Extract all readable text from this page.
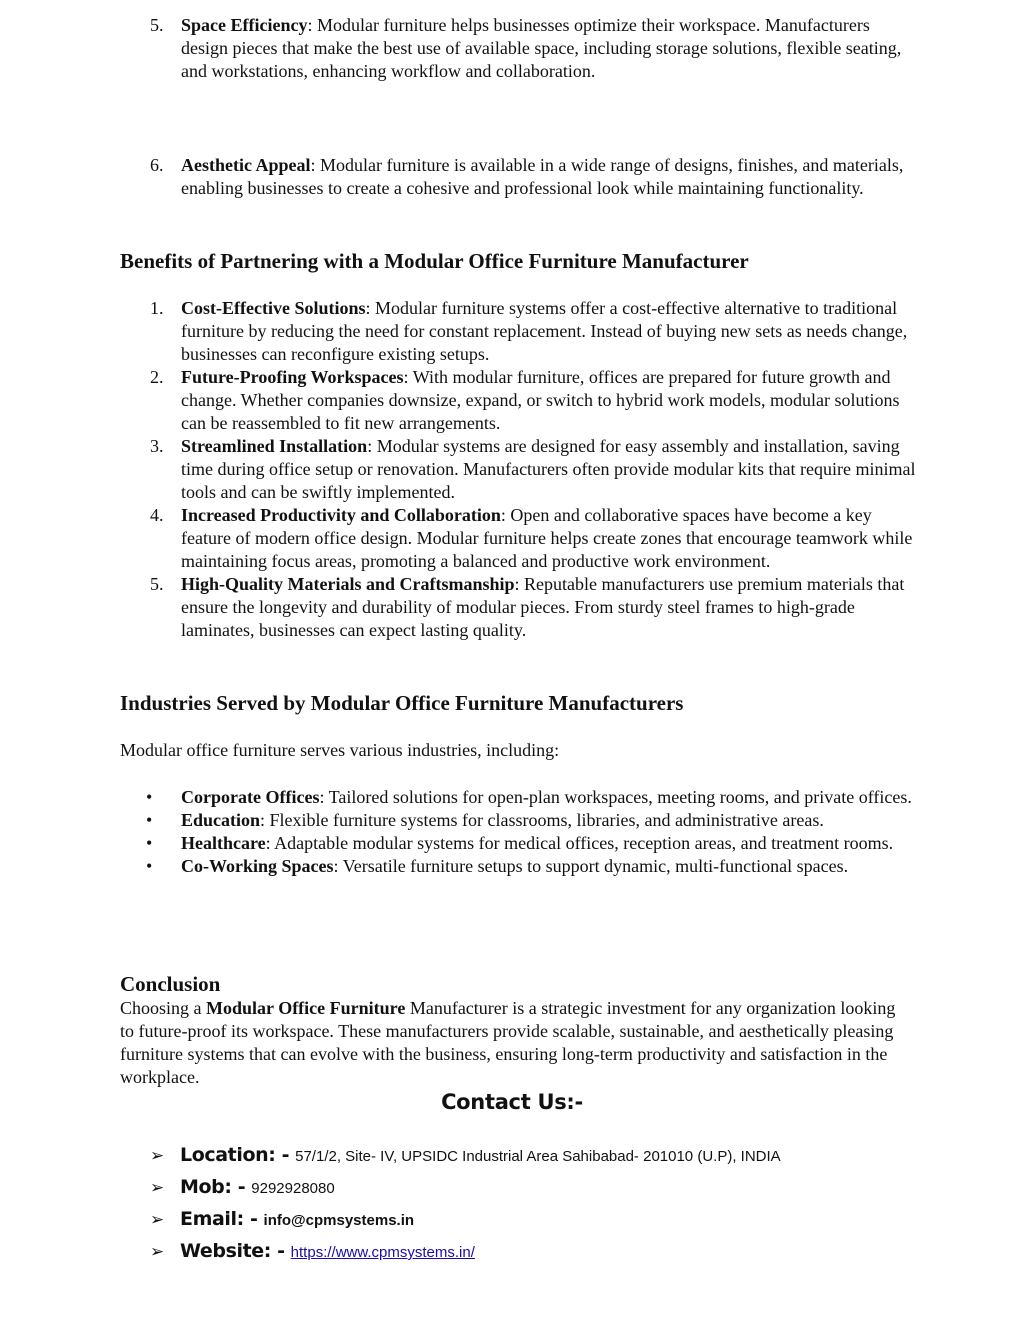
5. Space Efficiency: Modular furniture helps businesses optimize their workspace. Manufacturers design pieces that make the best use of available space, including storage solutions, flexible seating, and workstations, enhancing workflow and collaboration.
6. Aesthetic Appeal: Modular furniture is available in a wide range of designs, finishes, and materials, enabling businesses to create a cohesive and professional look while maintaining functionality.
Benefits of Partnering with a Modular Office Furniture Manufacturer
1. Cost-Effective Solutions: Modular furniture systems offer a cost-effective alternative to traditional furniture by reducing the need for constant replacement. Instead of buying new sets as needs change, businesses can reconfigure existing setups.
2. Future-Proofing Workspaces: With modular furniture, offices are prepared for future growth and change. Whether companies downsize, expand, or switch to hybrid work models, modular solutions can be reassembled to fit new arrangements.
3. Streamlined Installation: Modular systems are designed for easy assembly and installation, saving time during office setup or renovation. Manufacturers often provide modular kits that require minimal tools and can be swiftly implemented.
4. Increased Productivity and Collaboration: Open and collaborative spaces have become a key feature of modern office design. Modular furniture helps create zones that encourage teamwork while maintaining focus areas, promoting a balanced and productive work environment.
5. High-Quality Materials and Craftsmanship: Reputable manufacturers use premium materials that ensure the longevity and durability of modular pieces. From sturdy steel frames to high-grade laminates, businesses can expect lasting quality.
Industries Served by Modular Office Furniture Manufacturers

Modular office furniture serves various industries, including:

• Corporate Offices: Tailored solutions for open-plan workspaces, meeting rooms, and private offices.
• Education: Flexible furniture systems for classrooms, libraries, and administrative areas.
• Healthcare: Adaptable modular systems for medical offices, reception areas, and treatment rooms.
• Co-Working Spaces: Versatile furniture setups to support dynamic, multi-functional spaces.
Conclusion

Choosing a Modular Office Furniture Manufacturer is a strategic investment for any organization looking to future-proof its workspace. These manufacturers provide scalable, sustainable, and aesthetically pleasing furniture systems that can evolve with the business, ensuring long-term productivity and satisfaction in the workplace.

Contact Us:-
➢ Location: - 57/1/2, Site- IV, UPSIDC Industrial Area Sahibabad- 201010 (U.P), INDIA
➢ Mob: - 9292928080
➢ Email: - info@cpmsystems.in
➢ Website: - https://www.cpmsystems.in/
